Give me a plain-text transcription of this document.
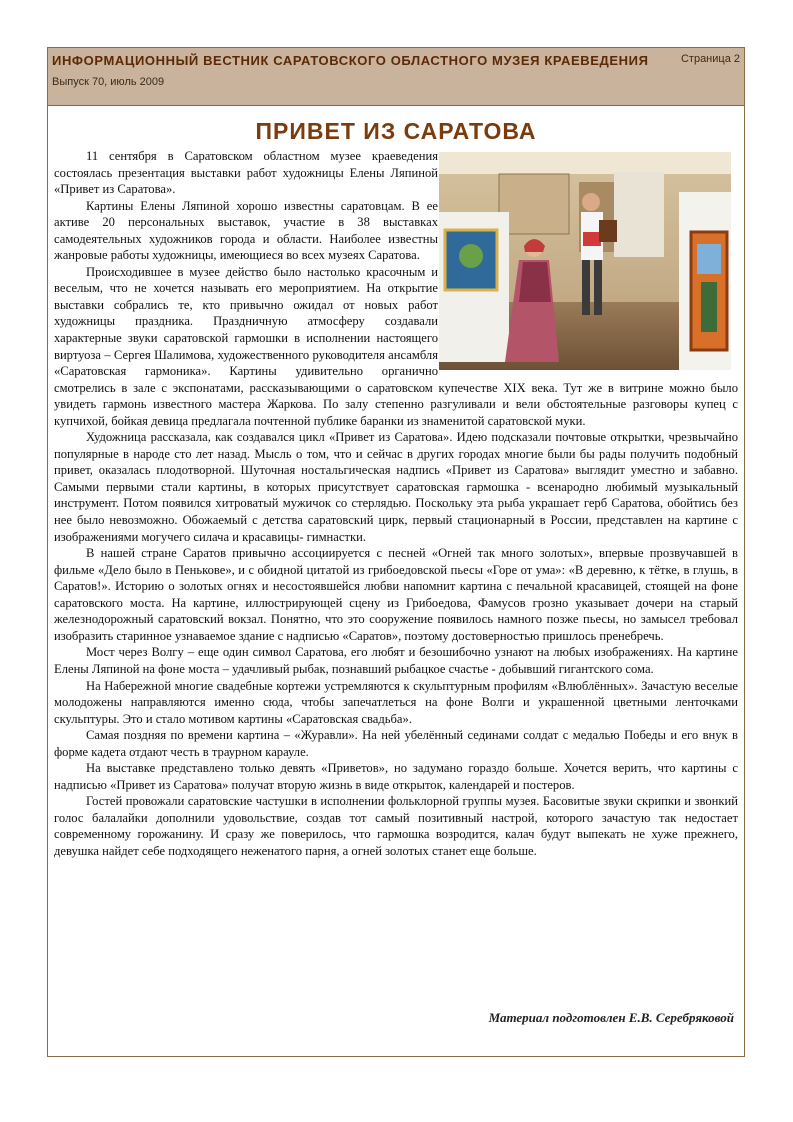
ИНФОРМАЦИОННЫЙ ВЕСТНИК САРАТОВСКОГО ОБЛАСТНОГО МУЗЕЯ КРАЕВЕДЕНИЯ
Выпуск 70, июль 2009
Страница 2
ПРИВЕТ ИЗ САРАТОВА

11 сентября в Саратовском областном музее краеведения состоялась презентация выставки работ художницы Елены Ляпиной «Привет из Саратова».

Картины Елены Ляпиной хорошо известны саратовцам. В ее активе 20 персональных выставок, участие в 38 выставках самодеятельных художников города и области. Наиболее известны жанровые работы художницы, имеющиеся во всех музеях Саратова.

Происходившее в музее действо было настолько красочным и веселым, что не хочется называть его мероприятием. На открытие выставки собрались те, кто привычно ожидал от новых работ художницы праздника. Праздничную атмосферу создавали характерные звуки саратовской гармошки в исполнении настоящего виртуоза – Сергея Шалимова, художественного руководителя ансамбля «Саратовская гармоника». Картины удивительно органично смотрелись в зале с экспонатами, рассказывающими о саратовском купечестве XIX века. Тут же в витрине можно было увидеть гармонь известного мастера Жаркова. По залу степенно разгуливали и вели обстоятельные разговоры купец с купчихой, бойкая девица предлагала почтенной публике баранки из знаменитой саратовской муки.

Художница рассказала, как создавался цикл «Привет из Саратова». Идею подсказали почтовые открытки, чрезвычайно популярные в народе сто лет назад. Мысль о том, что и сейчас в других городах многие были бы рады получить подобный привет, оказалась плодотворной. Шуточная ностальгическая надпись «Привет из Саратова» выглядит уместно и забавно. Самыми первыми стали картины, в которых присутствует саратовская гармошка - всенародно любимый музыкальный инструмент. Потом появился хитроватый мужичок со стерлядью. Поскольку эта рыба украшает герб Саратова, обойтись без нее было невозможно. Обожаемый с детства саратовский цирк, первый стационарный в России, представлен на картине с изображениями могучего силача и красавицы- гимнастки.

В нашей стране Саратов привычно ассоциируется с песней «Огней так много золотых», впервые прозвучавшей в фильме «Дело было в Пенькове», и с обидной цитатой из грибоедовской пьесы «Горе от ума»: «В деревню, к тётке, в глушь, в Саратов!». Историю о золотых огнях и несостоявшейся любви напомнит картина с печальной красавицей, стоящей на фоне саратовского моста. На картине, иллюстрирующей сцену из Грибоедова, Фамусов грозно указывает дочери на старый железнодорожный саратовский вокзал. Понятно, что это сооружение появилось намного позже пьесы, но замысел требовал изобразить старинное узнаваемое здание с надписью «Саратов», поэтому достоверностью пришлось пренебречь.

Мост через Волгу – еще один символ Саратова, его любят и безошибочно узнают на любых изображениях. На картине Елены Ляпиной на фоне моста – удачливый рыбак, познавший рыбацкое счастье - добывший гигантского сома.

На Набережной многие свадебные кортежи устремляются к скульптурным профилям «Влюблённых». Зачастую веселые молодожены направляются именно сюда, чтобы запечатлеться на фоне Волги и украшенной цветными ленточками скульптуры. Это и стало мотивом картины «Саратовская свадьба».

Самая поздняя по времени картина – «Журавли». На ней убелённый сединами солдат с медалью Победы и его внук в форме кадета отдают честь в траурном карауле.

На выставке представлено только девять «Приветов», но задумано гораздо больше. Хочется верить, что картины с надписью «Привет из Саратова» получат вторую жизнь в виде открыток, календарей и постеров.

Гостей провожали саратовские частушки в исполнении фольклорной группы музея. Басовитые звуки скрипки и звонкий голос балалайки дополнили удовольствие, создав тот самый позитивный настрой, которого зачастую так недостает современному горожанину. И сразу же поверилось, что гармошка возродится, калач будут выпекать не хуже прежнего, девушка найдет себе подходящего неженатого парня, а огней золотых станет еще больше.

Материал подготовлен Е.В. Серебряковой
